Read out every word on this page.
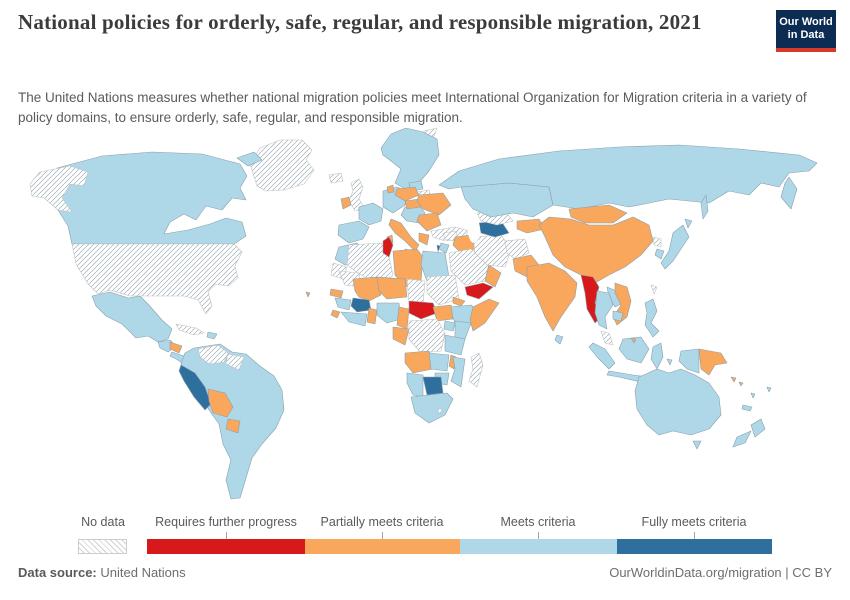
National policies for orderly, safe, regular, and responsible migration, 2021	Our World
in Data
The United Nations measures whether national migration policies meet International Organization for Migration criteria in a variety of policy domains, to ensure orderly, safe, regular, and responsible migration.
No data Requires further progress Partially meets criteria	Meets criteria	Fully meets criteria
Data source: United Nations	OurWorldinData.org/migration | CC BY
